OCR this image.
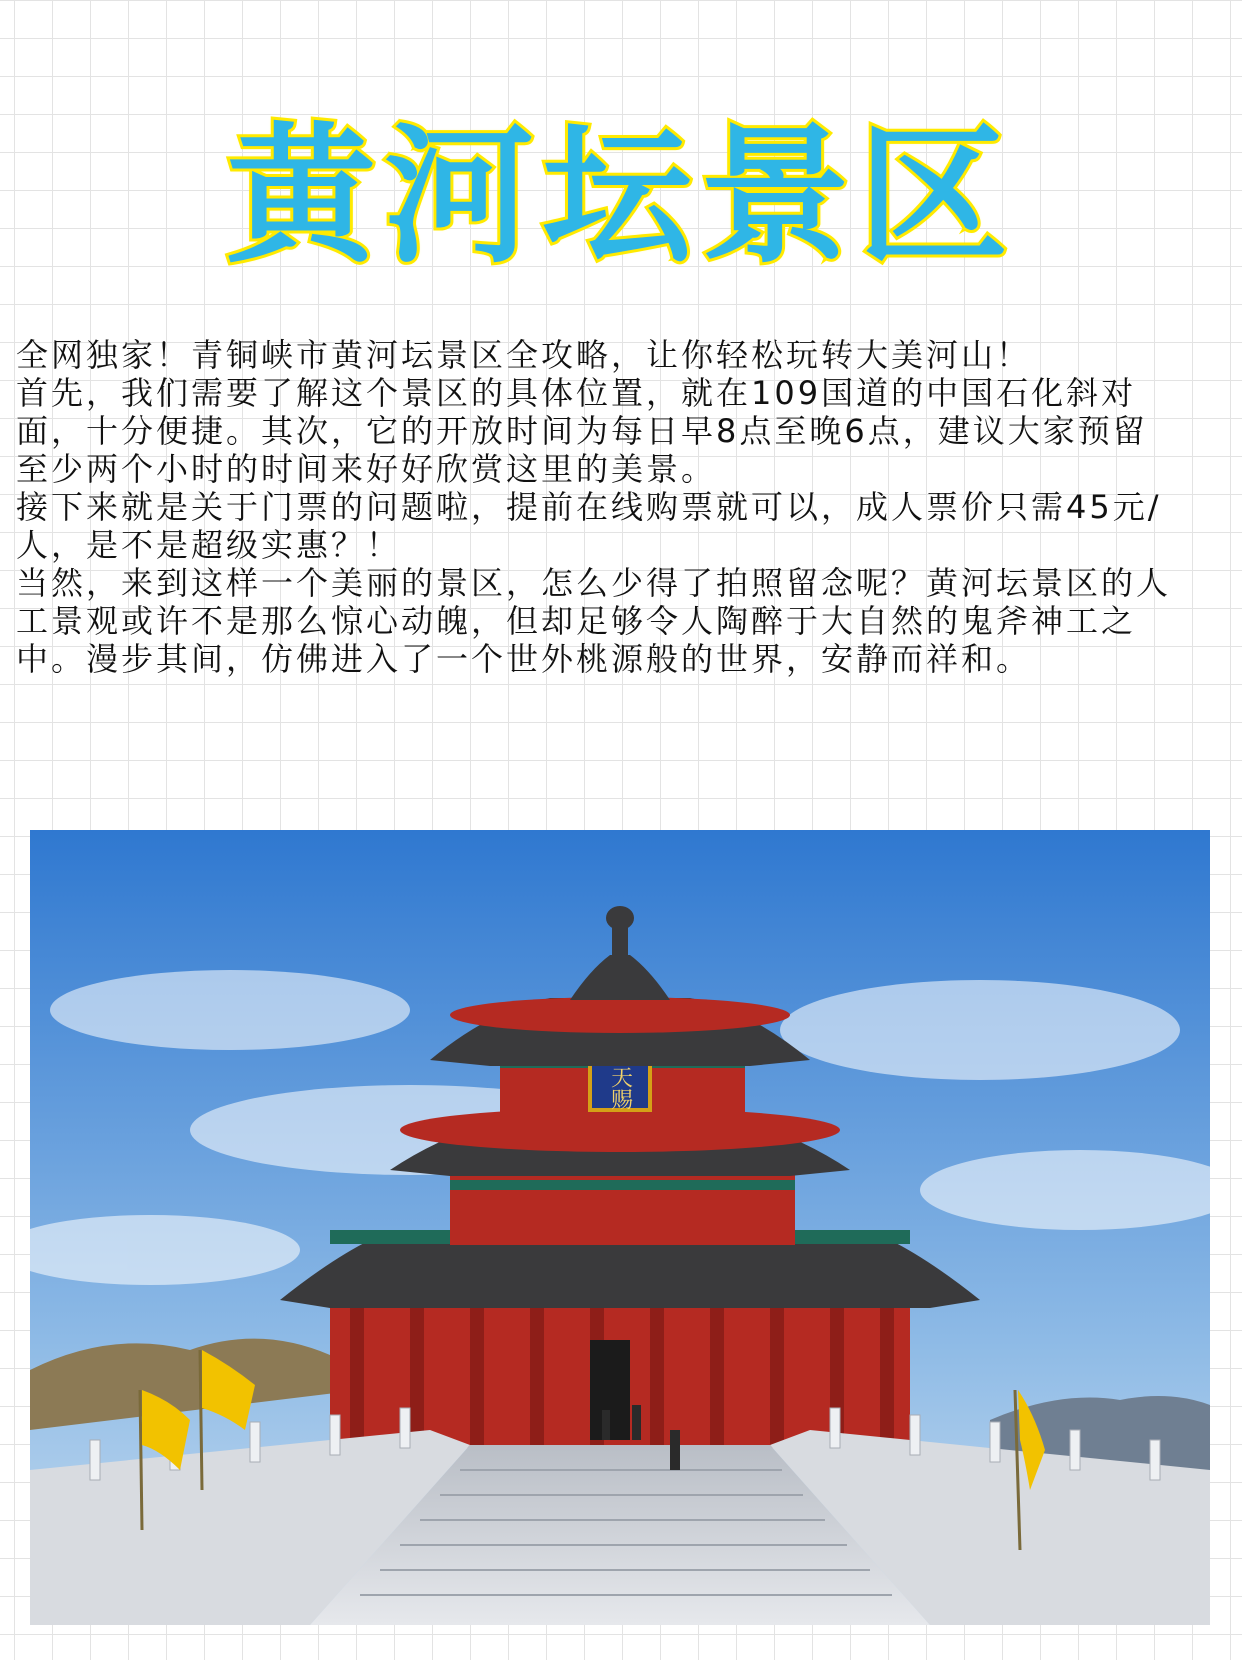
黄河坛景区

全网独家！青铜峡市黄河坛景区全攻略，让你轻松玩转大美河山！

首先，我们需要了解这个景区的具体位置，就在109国道的中国石化斜对面，十分便捷。其次，它的开放时间为每日早8点至晚6点，建议大家预留至少两个小时的时间来好好欣赏这里的美景。

接下来就是关于门票的问题啦，提前在线购票就可以，成人票价只需45元/人，是不是超级实惠？！

当然，来到这样一个美丽的景区，怎么少得了拍照留念呢？黄河坛景区的人工景观或许不是那么惊心动魄，但却足够令人陶醉于大自然的鬼斧神工之中。漫步其间，仿佛进入了一个世外桃源般的世界，安静而祥和。

天赐
